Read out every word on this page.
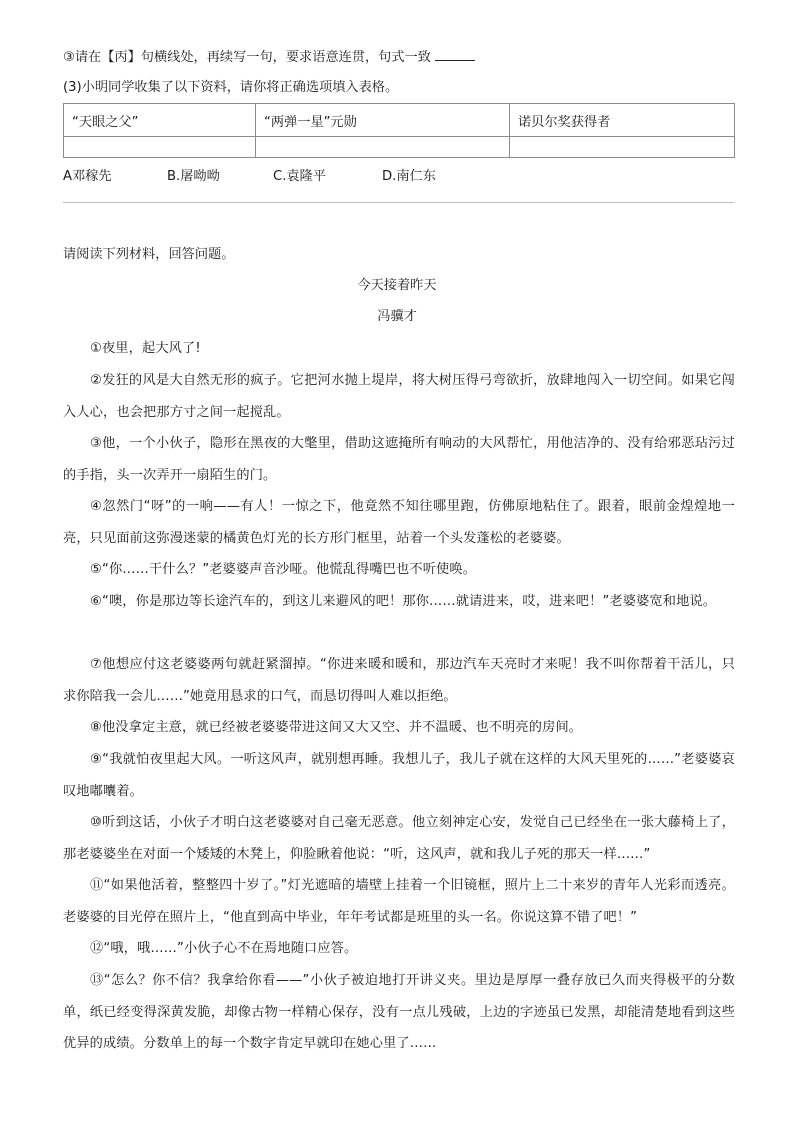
③请在【丙】句横线处，再续写一句，要求语意连贯，句式一致
(3)小明同学收集了以下资料，请你将正确选项填入表格。
“天眼之父”	“两弹一星”元勋	诺贝尔奖获得者

A邓稼先	B.屠呦呦	C.袁隆平	D.南仁东
请阅读下列材料，回答问题。
今天接着昨天
冯骥才
①夜里，起大风了!
②发狂的风是大自然无形的疯子。它把河水抛上堤岸，将大树压得弓弯欲折，放肆地闯入一切空间。如果它闯入人心，也会把那方寸之间一起搅乱。
③他，一个小伙子，隐形在黑夜的大氅里，借助这遮掩所有响动的大风帮忙，用他洁净的、没有给邪恶玷污过的手指，头一次弄开一扇陌生的门。
④忽然门“呀”的一响——有人！一惊之下，他竟然不知往哪里跑，仿佛原地粘住了。跟着，眼前金煌煌地一亮，只见面前这弥漫迷蒙的橘黄色灯光的长方形门框里，站着一个头发蓬松的老婆婆。
⑤“你……干什么？”老婆婆声音沙哑。他慌乱得嘴巴也不听使唤。
⑥“噢，你是那边等长途汽车的，到这儿来避风的吧！那你……就请进来，哎，进来吧！”老婆婆宽和地说。
⑦他想应付这老婆婆两句就赶紧溜掉。“你进来暖和暖和，那边汽车天亮时才来呢！我不叫你帮着干活儿，只求你陪我一会儿……”她竟用恳求的口气，而恳切得叫人难以拒绝。
⑧他没拿定主意，就已经被老婆婆带进这间又大又空、并不温暖、也不明亮的房间。
⑨“我就怕夜里起大风。一听这风声，就别想再睡。我想儿子，我儿子就在这样的大风天里死的……”老婆婆哀叹地嘟囔着。
⑩听到这话，小伙子才明白这老婆婆对自己毫无恶意。他立刻神定心安，发觉自己已经坐在一张大藤椅上了，那老婆婆坐在对面一个矮矮的木凳上，仰脸瞅着他说：“听，这风声，就和我儿子死的那天一样……”
⑪“如果他活着，整整四十岁了。”灯光遮暗的墙壁上挂着一个旧镜框，照片上二十来岁的青年人光彩而透亮。老婆婆的目光停在照片上，“他直到高中毕业，年年考试都是班里的头一名。你说这算不错了吧！”
⑫“哦，哦……”小伙子心不在焉地随口应答。
⑬“怎么？你不信？我拿给你看——”小伙子被迫地打开讲义夹。里边是厚厚一叠存放已久而夹得极平的分数单，纸已经变得深黄发脆，却像古物一样精心保存，没有一点儿残破，上边的字迹虽已发黑，却能清楚地看到这些优异的成绩。分数单上的每一个数字肯定早就印在她心里了……
